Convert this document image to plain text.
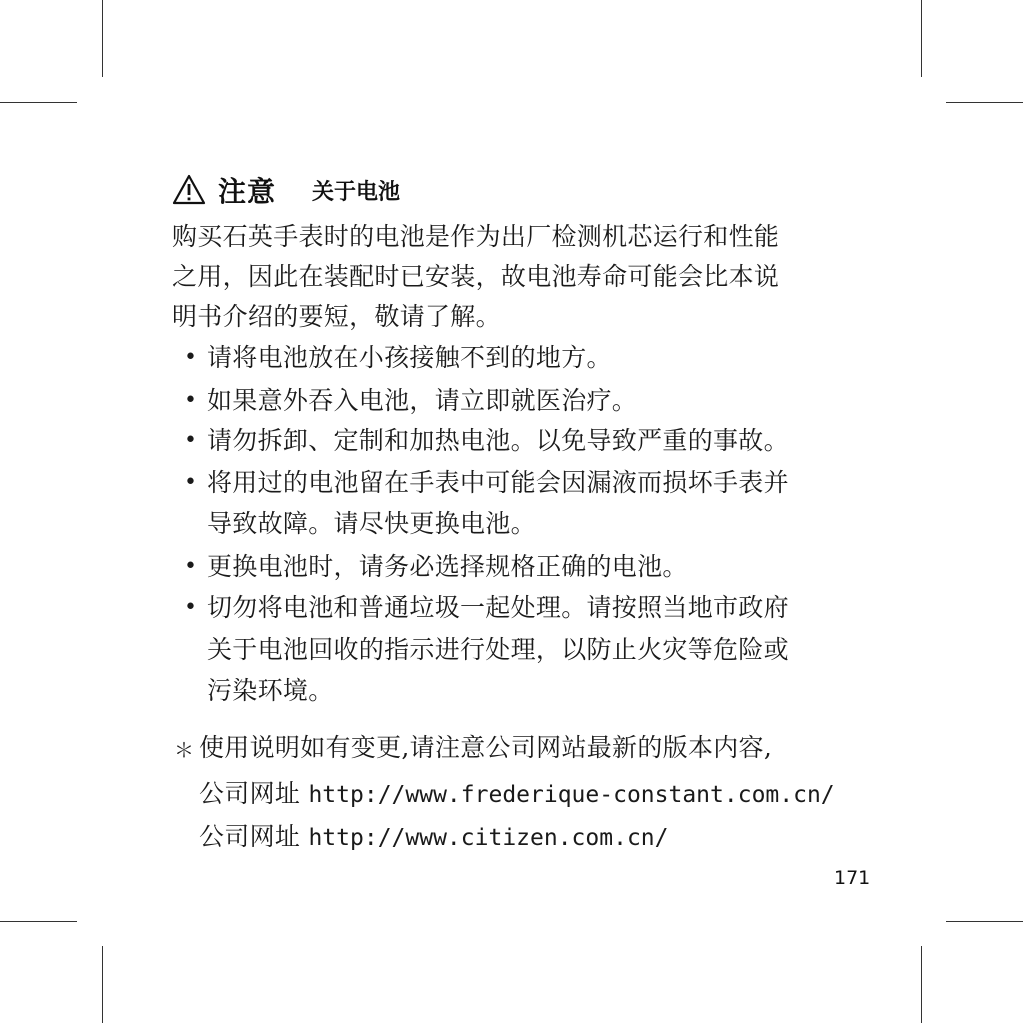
注意 关于电池
购买石英手表时的电池是作为出厂检测机芯运行和性能
之用，因此在装配时已安装，故电池寿命可能会比本说
明书介绍的要短，敬请了解。
• 请将电池放在小孩接触不到的地方。
• 如果意外吞入电池，请立即就医治疗。
• 请勿拆卸、定制和加热电池。以免导致严重的事故。
• 将用过的电池留在手表中可能会因漏液而损坏手表并
导致故障。请尽快更换电池。
• 更换电池时，请务必选择规格正确的电池。
• 切勿将电池和普通垃圾一起处理。请按照当地市政府
关于电池回收的指示进行处理，以防止火灾等危险或
污染环境。
＊ 使用说明如有变更,请注意公司网站最新的版本内容,
公司网址 http://www.frederique-constant.com.cn/
公司网址 http://www.citizen.com.cn/
171
